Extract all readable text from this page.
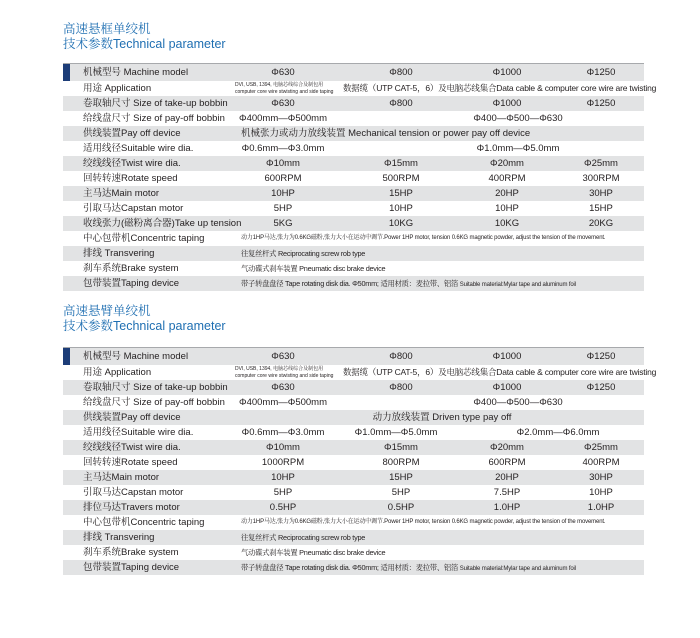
高速悬框单绞机
技术参数Technical parameter
机械型号 Machine model	Φ630	Φ800	Φ1000	Φ1250
用途 Application	DVI, USB, 1394, 电脑芯线综合及制包用 computer core wire stwisting and side taping	数据缆（UTP CAT-5，6）及电脑芯线集合Data cable & computer core wire are twisting
卷取轴尺寸 Size of take-up bobbin	Φ630	Φ800	Φ1000	Φ1250
给线盘尺寸 Size of pay-off bobbin	Φ400mm—Φ500mm	Φ400—Φ500—Φ630
供线装置Pay off device	机械张力或动力放线装置 Mechanical tension or power pay off device
适用线径Suitable wire dia.	Φ0.6mm—Φ3.0mm	Φ1.0mm—Φ5.0mm
绞线线径Twist wire dia.	Φ10mm	Φ15mm	Φ20mm	Φ25mm
回转转速Rotate speed	600RPM	500RPM	400RPM	300RPM
主马达Main motor	10HP	15HP	20HP	30HP
引取马达Capstan motor	5HP	10HP	10HP	15HP
收线张力(磁粉离合器)Take up tension	5KG	10KG	10KG	20KG
中心包带机Concentric taping	动力1HP马达,张力为0.6KG磁粉,张力大小在运动中调节.Power 1HP motor, tension 0.6KG magnetic powder, adjust the tension of the movement.
排线 Transvering	往复丝杆式 Reciprocating screw rob type
刹车系统Brake system	气动碟式刹车装置 Pneumatic disc brake device
包带装置Taping device	带子转盘盘径 Tape rotating disk dia. Φ50mm; 适用材质：麦拉带、铝箔 Suitable material:Mylar tape and aluminum foil
高速悬臂单绞机
技术参数Technical parameter
机械型号 Machine model	Φ630	Φ800	Φ1000	Φ1250
用途 Application	DVI, USB, 1394, 电脑芯线综合及制包用 computer core wire stwisting and side taping	数据缆（UTP CAT-5，6）及电脑芯线集合Data cable & computer core wire are twisting
卷取轴尺寸 Size of take-up bobbin	Φ630	Φ800	Φ1000	Φ1250
给线盘尺寸 Size of pay-off bobbin	Φ400mm—Φ500mm	Φ400—Φ500—Φ630
供线装置Pay off device	动力放线装置 Driven type pay off
适用线径Suitable wire dia.	Φ0.6mm—Φ3.0mm	Φ1.0mm—Φ5.0mm	Φ2.0mm—Φ6.0mm
绞线线径Twist wire dia.	Φ10mm	Φ15mm	Φ20mm	Φ25mm
回转转速Rotate speed	1000RPM	800RPM	600RPM	400RPM
主马达Main motor	10HP	15HP	20HP	30HP
引取马达Capstan motor	5HP	5HP	7.5HP	10HP
排位马达Travers motor	0.5HP	0.5HP	1.0HP	1.0HP
中心包带机Concentric taping	动力1HP马达,张力为0.6KG磁粉,张力大小在运动中调节.Power 1HP motor, tension 0.6KG magnetic powder, adjust the tension of the movement.
排线 Transvering	往复丝杆式 Reciprocating screw rob type
刹车系统Brake system	气动碟式刹车装置 Pneumatic disc brake device
包带装置Taping device	带子转盘盘径 Tape rotating disk dia. Φ50mm; 适用材质：麦拉带、铝箔 Suitable material:Mylar tape and aluminum foil
